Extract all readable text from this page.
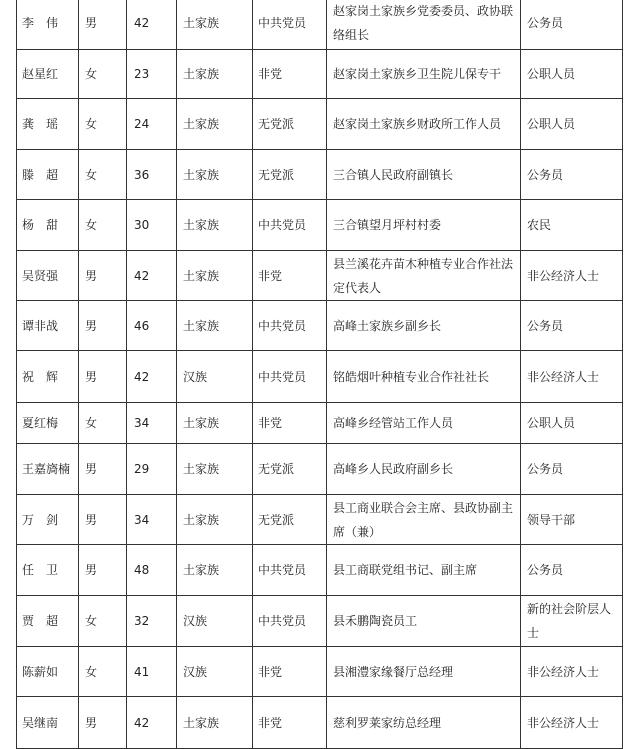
李　伟	男	42	土家族	中共党员	赵家岗土家族乡党委委员、政协联络组长	公务员
赵星红	女	23	土家族	非党	赵家岗土家族乡卫生院儿保专干	公职人员
龚　瑶	女	24	土家族	无党派	赵家岗土家族乡财政所工作人员	公职人员
滕　超	女	36	土家族	无党派	三合镇人民政府副镇长	公务员
杨　甜	女	30	土家族	中共党员	三合镇望月坪村村委	农民
吴贤强	男	42	土家族	非党	县兰溪花卉苗木种植专业合作社法定代表人	非公经济人士
谭非战	男	46	土家族	中共党员	高峰土家族乡副乡长	公务员
祝　辉	男	42	汉族	中共党员	铭皓烟叶种植专业合作社社长	非公经济人士
夏红梅	女	34	土家族	非党	高峰乡经管站工作人员	公职人员
王嘉旖楠	男	29	土家族	无党派	高峰乡人民政府副乡长	公务员
万　剑	男	34	土家族	无党派	县工商业联合会主席、县政协副主席（兼）	领导干部
任　卫	男	48	土家族	中共党员	县工商联党组书记、副主席	公务员
贾　超	女	32	汉族	中共党员	县禾鹏陶瓷员工	新的社会阶层人士
陈薪如	女	41	汉族	非党	县湘澧家缘餐厅总经理	非公经济人士
吴继南	男	42	土家族	非党	慈利罗莱家纺总经理	非公经济人士
